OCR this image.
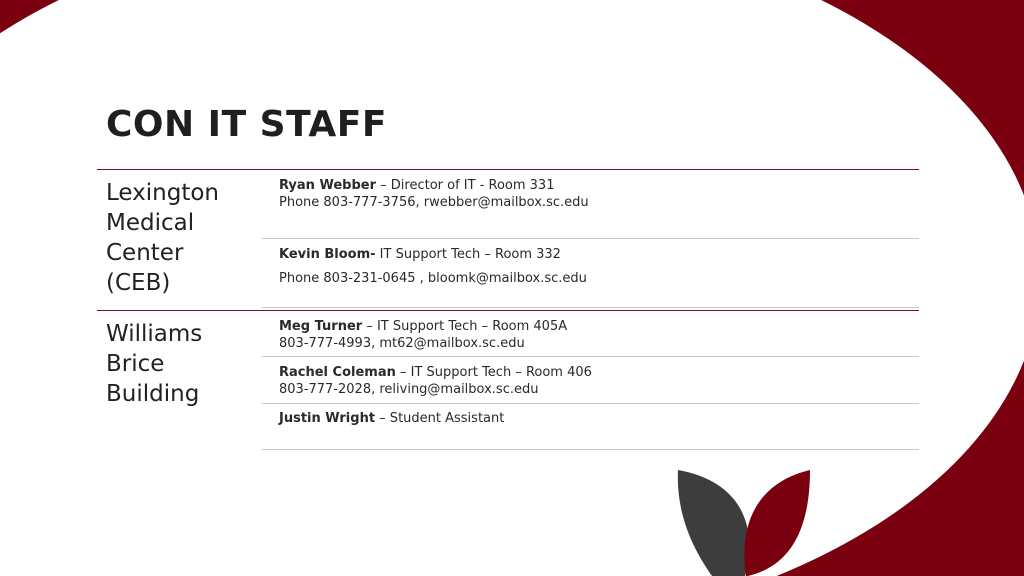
CON IT STAFF
Lexington
Medical
Center
(CEB)
Ryan Webber – Director of IT - Room 331
Phone 803-777-3756, rwebber@mailbox.sc.edu
Kevin Bloom- IT Support Tech – Room 332
Phone 803-231-0645 , bloomk@mailbox.sc.edu
Williams
Brice
Building
Meg Turner – IT Support Tech – Room 405A
803-777-4993, mt62@mailbox.sc.edu
Rachel Coleman – IT Support Tech – Room 406
803-777-2028, reliving@mailbox.sc.edu
Justin Wright – Student Assistant
